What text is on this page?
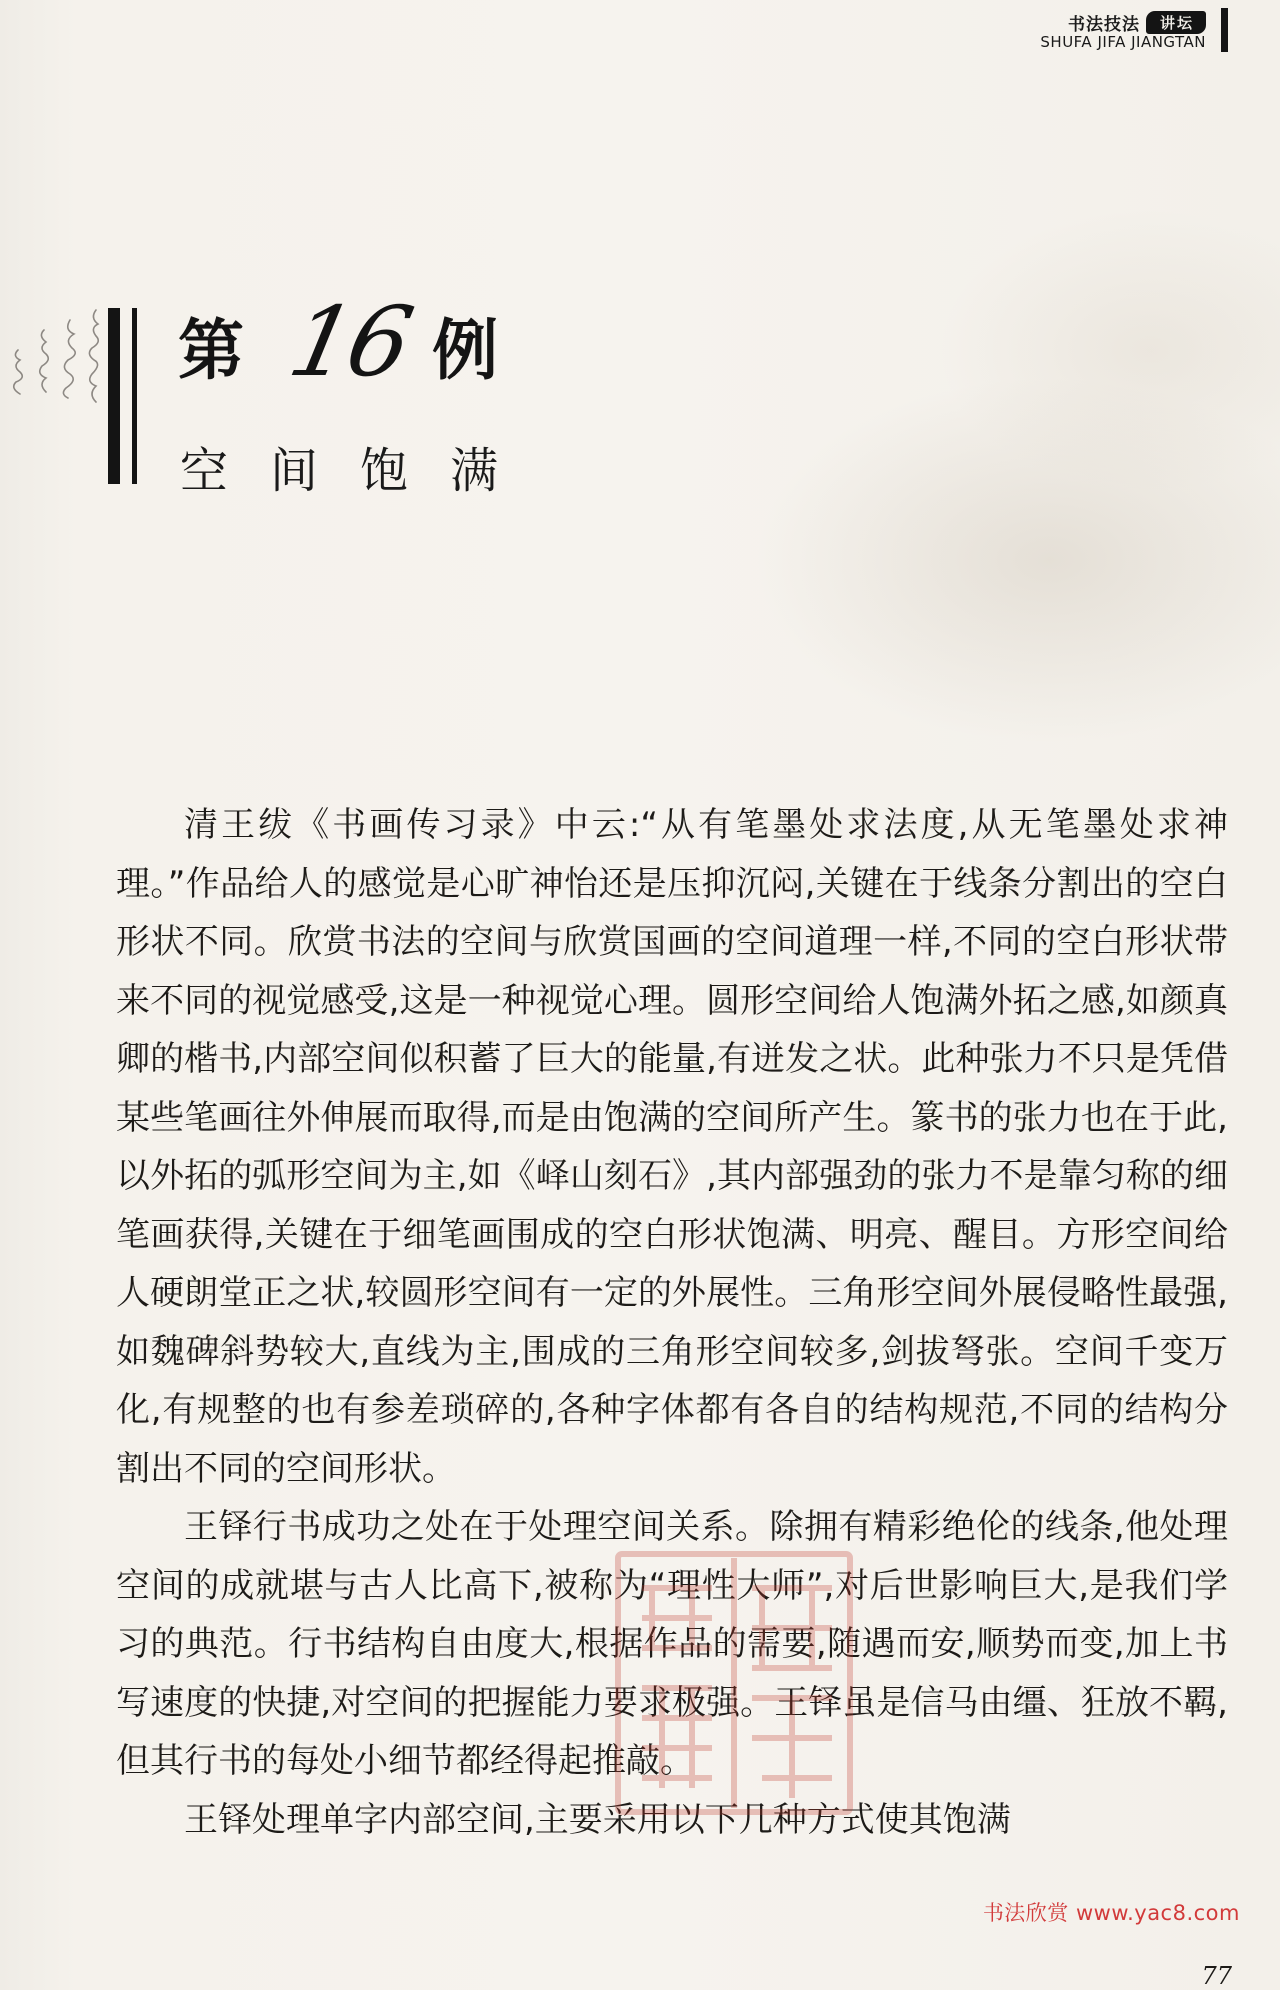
书法技法	讲坛
SHUFA JIFA JIANGTAN
第 16 例
空间饱满

清王绂《书画传习录》中云:“从有笔墨处求法度,从无笔墨处求神理。”作品给人的感觉是心旷神怡还是压抑沉闷,关键在于线条分割出的空白形状不同。欣赏书法的空间与欣赏国画的空间道理一样,不同的空白形状带来不同的视觉感受,这是一种视觉心理。圆形空间给人饱满外拓之感,如颜真卿的楷书,内部空间似积蓄了巨大的能量,有迸发之状。此种张力不只是凭借某些笔画往外伸展而取得,而是由饱满的空间所产生。篆书的张力也在于此,以外拓的弧形空间为主,如《峄山刻石》,其内部强劲的张力不是靠匀称的细笔画获得,关键在于细笔画围成的空白形状饱满、明亮、醒目。方形空间给人硬朗堂正之状,较圆形空间有一定的外展性。三角形空间外展侵略性最强,如魏碑斜势较大,直线为主,围成的三角形空间较多,剑拔弩张。空间千变万化,有规整的也有参差琐碎的,各种字体都有各自的结构规范,不同的结构分割出不同的空间形状。

王铎行书成功之处在于处理空间关系。除拥有精彩绝伦的线条,他处理空间的成就堪与古人比高下,被称为“理性大师”,对后世影响巨大,是我们学习的典范。行书结构自由度大,根据作品的需要,随遇而安,顺势而变,加上书写速度的快捷,对空间的把握能力要求极强。王铎虽是信马由缰、狂放不羁,但其行书的每处小细节都经得起推敲。

王铎处理单字内部空间,主要采用以下几种方式使其饱满

书法欣赏 www.yac8.com
77
